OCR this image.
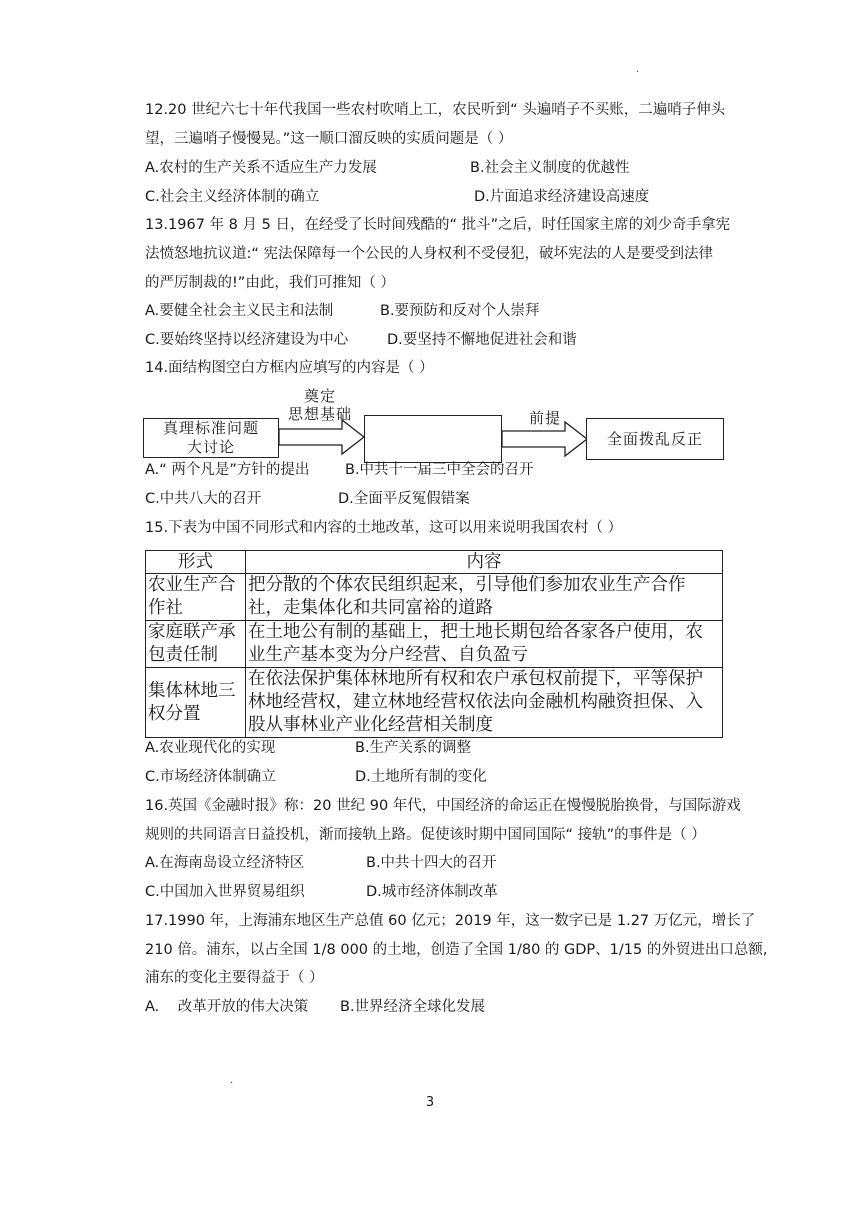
.
12.20 世纪六七十年代我国一些农村吹哨上工，农民听到“ 头遍哨子不买账，二遍哨子伸头
望，三遍哨子慢慢晃。”这一顺口溜反映的实质问题是（ ）
A.农村的生产关系不适应生产力发展	B.社会主义制度的优越性
C.社会主义经济体制的确立	D.片面追求经济建设高速度
13.1967 年 8 月 5 日，在经受了长时间残酷的“ 批斗”之后，时任国家主席的刘少奇手拿宪
法愤怒地抗议道:“ 宪法保障每一个公民的人身权利不受侵犯，破坏宪法的人是要受到法律
的严厉制裁的!”由此，我们可推知（ ）
A.要健全社会主义民主和法制	B.要预防和反对个人崇拜
C.要始终坚持以经济建设为中心	D.要坚持不懈地促进社会和谐
14.面结构图空白方框内应填写的内容是（ ）
真理标准问题
大讨论
奠定
思想基础	前提
全面拨乱反正
A.“ 两个凡是”方针的提出 B.中共十一届三中全会的召开
C.中共八大的召开	D.全面平反冤假错案
15.下表为中国不同形式和内容的土地改革，这可以用来说明我国农村（ ）
形式	内容
农业生产合作社	把分散的个体农民组织起来，引导他们参加农业生产合作社，走集体化和共同富裕的道路
家庭联产承包责任制	在土地公有制的基础上，把土地长期包给各家各户使用，农业生产基本变为分户经营、自负盈亏
集体林地三权分置	在依法保护集体林地所有权和农户承包权前提下，平等保护林地经营权，建立林地经营权依法向金融机构融资担保、入股从事林业产业化经营相关制度
A.农业现代化的实现	B.生产关系的调整
C.市场经济体制确立	D.土地所有制的变化
16.英国《金融时报》称：20 世纪 90 年代，中国经济的命运正在慢慢脱胎换骨，与国际游戏
规则的共同语言日益投机，渐而接轨上路。促使该时期中国同国际“ 接轨”的事件是（ ）
A.在海南岛设立经济特区	B.中共十四大的召开
C.中国加入世界贸易组织	D.城市经济体制改革
17.1990 年，上海浦东地区生产总值 60 亿元；2019 年，这一数字已是 1.27 万亿元，增长了
210 倍。浦东，以占全国 1/8 000 的土地，创造了全国 1/80 的 GDP、1/15 的外贸进出口总额,
浦东的变化主要得益于（ ）
A.    改革开放的伟大决策 B.世界经济全球化发展
.
3
